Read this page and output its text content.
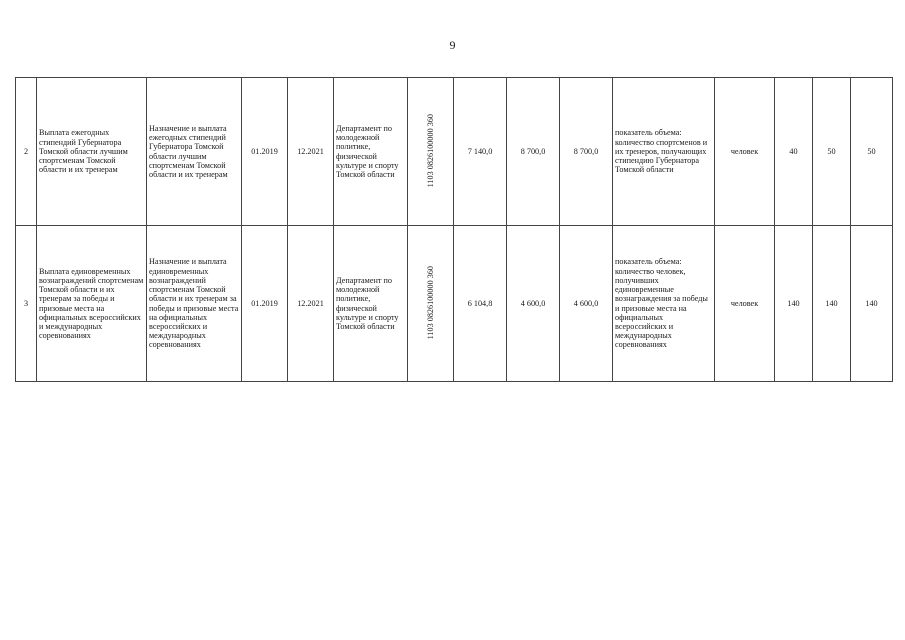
9
2	Выплата ежегодных стипендий Губернатора Томской области лучшим спортсменам Томской области и их тренерам	Назначение и выплата ежегодных стипендий Губернатора Томской области лучшим спортсменам Томской области и их тренерам	01.2019	12.2021	Департамент по молодежной политике, физической культуре и спорту Томской области	1103 0826100000 360	7 140,0	8 700,0	8 700,0	показатель объема: количество спортсменов и их тренеров, получающих стипендию Губернатора Томской области	человек	40	50	50
3	Выплата единовременных вознаграждений спортсменам Томской области и их тренерам за победы и призовые места на официальных всероссийских и международных соревнованиях	Назначение и выплата единовременных вознаграждений спортсменам Томской области и их тренерам за победы и призовые места на официальных всероссийских и международных соревнованиях	01.2019	12.2021	Департамент по молодежной политике, физической культуре и спорту Томской области	1103 0826100000 360	6 104,8	4 600,0	4 600,0	показатель объема: количество человек, получивших единовременные вознаграждения за победы и призовые места на официальных всероссийских и международных соревнованиях	человек	140	140	140
